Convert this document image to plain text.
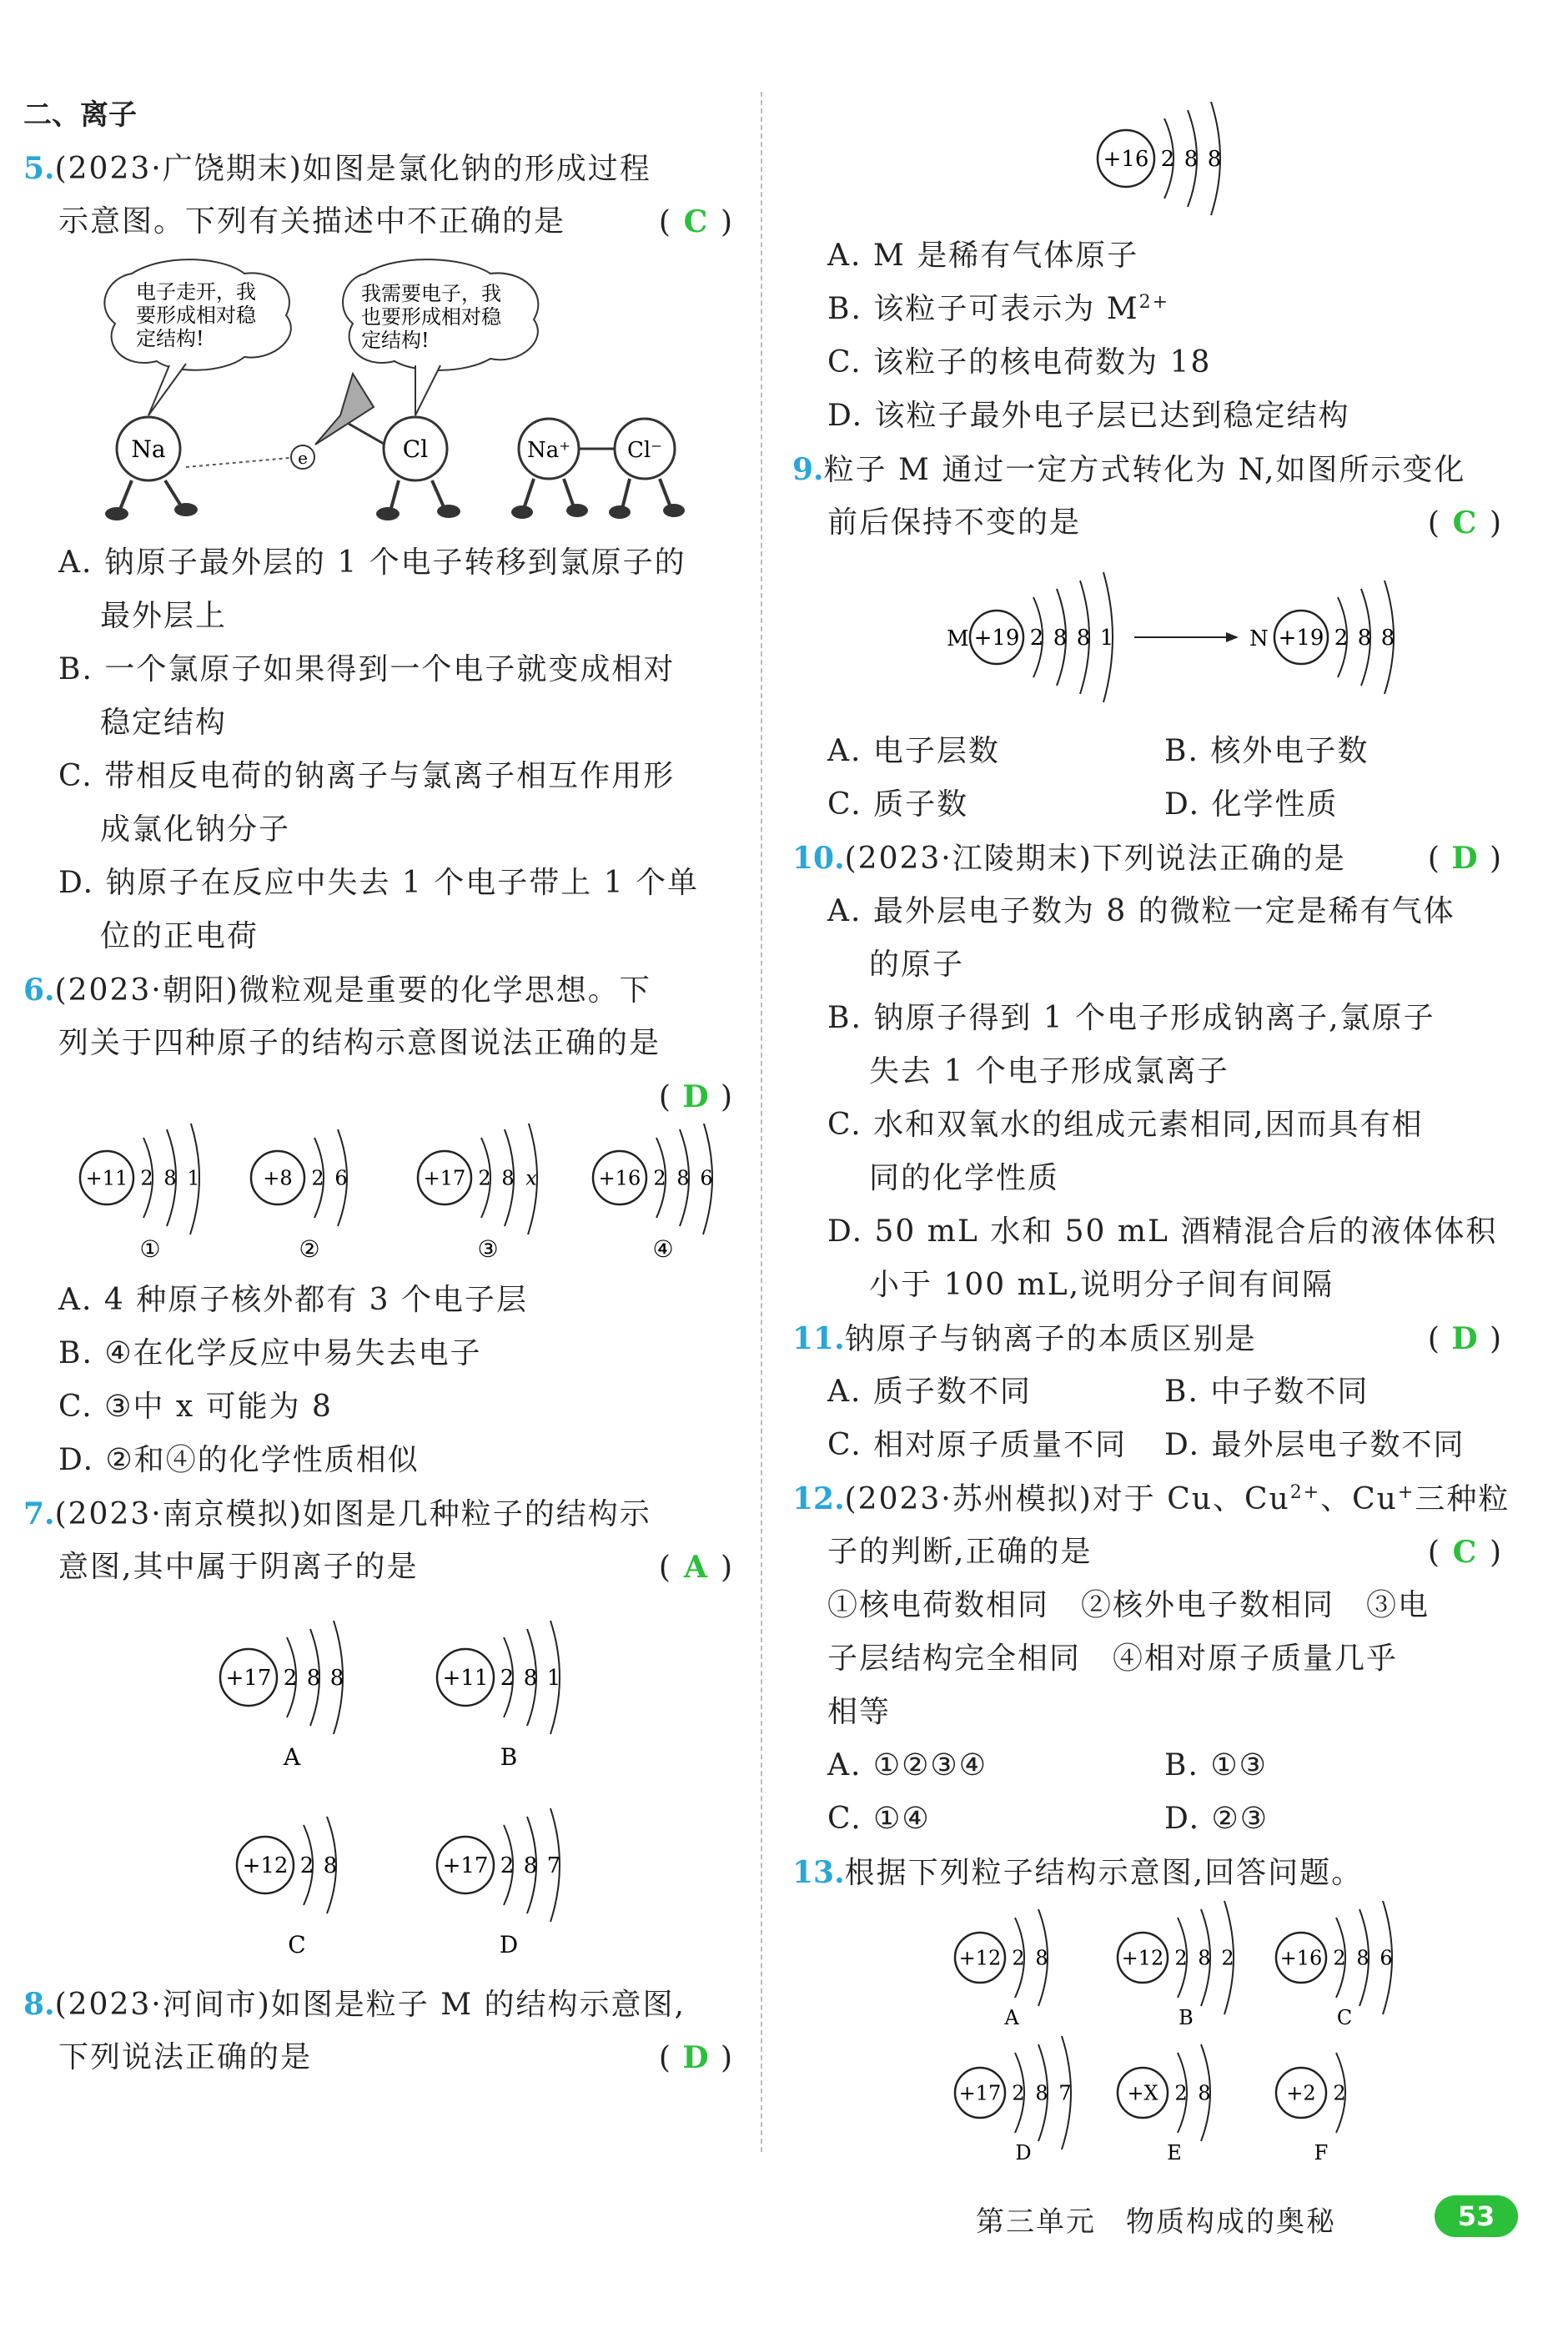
二、离子
5.(2023·广饶期末)如图是氯化钠的形成过程
示意图。下列有关描述中不正确的是	( C )
电子走开，我
要形成相对稳
定结构!
我需要电子，我
也要形成相对稳
定结构!
Na	e	Cl	Na⁺	Cl⁻
A. 钠原子最外层的 1 个电子转移到氯原子的
最外层上
B. 一个氯原子如果得到一个电子就变成相对
稳定结构
C. 带相反电荷的钠离子与氯离子相互作用形
成氯化钠分子
D. 钠原子在反应中失去 1 个电子带上 1 个单
位的正电荷
6.(2023·朝阳)微粒观是重要的化学思想。下
列关于四种原子的结构示意图说法正确的是
( D )
+11 2 8 1
①
+8 2 6
②
+17 2 8 x
③
+16 2 8 6
④
A. 4 种原子核外都有 3 个电子层
B. ④在化学反应中易失去电子
C. ③中 x 可能为 8
D. ②和④的化学性质相似
7.(2023·南京模拟)如图是几种粒子的结构示
意图,其中属于阴离子的是	( A )
+17 2 8 8
A
+11 2 8 1
B
+12 2 8
C
+17 2 8 7
D
8.(2023·河间市)如图是粒子 M 的结构示意图,
下列说法正确的是	( D )
+16 2 8 8
A. M 是稀有气体原子
B. 该粒子可表示为 $M^{2+}$
C. 该粒子的核电荷数为 18
D. 该粒子最外电子层已达到稳定结构
9.粒子 M 通过一定方式转化为 N,如图所示变化
前后保持不变的是	( C )
M +19 2 8 8 1	N +19 2 8 8
A. 电子层数	B. 核外电子数
C. 质子数	D. 化学性质
10.(2023·江陵期末)下列说法正确的是	( D )
A. 最外层电子数为 8 的微粒一定是稀有气体
的原子
B. 钠原子得到 1 个电子形成钠离子,氯原子
失去 1 个电子形成氯离子
C. 水和双氧水的组成元素相同,因而具有相
同的化学性质
D. 50 mL 水和 50 mL 酒精混合后的液体体积
小于 100 mL,说明分子间有间隔
11.钠原子与钠离子的本质区别是	( D )
A. 质子数不同	B. 中子数不同
C. 相对原子质量不同	D. 最外层电子数不同
12.(2023·苏州模拟)对于 Cu、$Cu^{2+}$、Cu+三种粒
子的判断,正确的是	( C )
①核电荷数相同　②核外电子数相同　③电
子层结构完全相同　④相对原子质量几乎
相等
A. ①②③④	B. ①③
C. ①④	D. ②③
13.根据下列粒子结构示意图,回答问题。
+12 2 8
A
+12 2 8 2
B
+16 2 8 6
C
+17 2 8 7
D
+X 2 8
E
+2 2
F
第三单元　物质构成的奥秘	53
